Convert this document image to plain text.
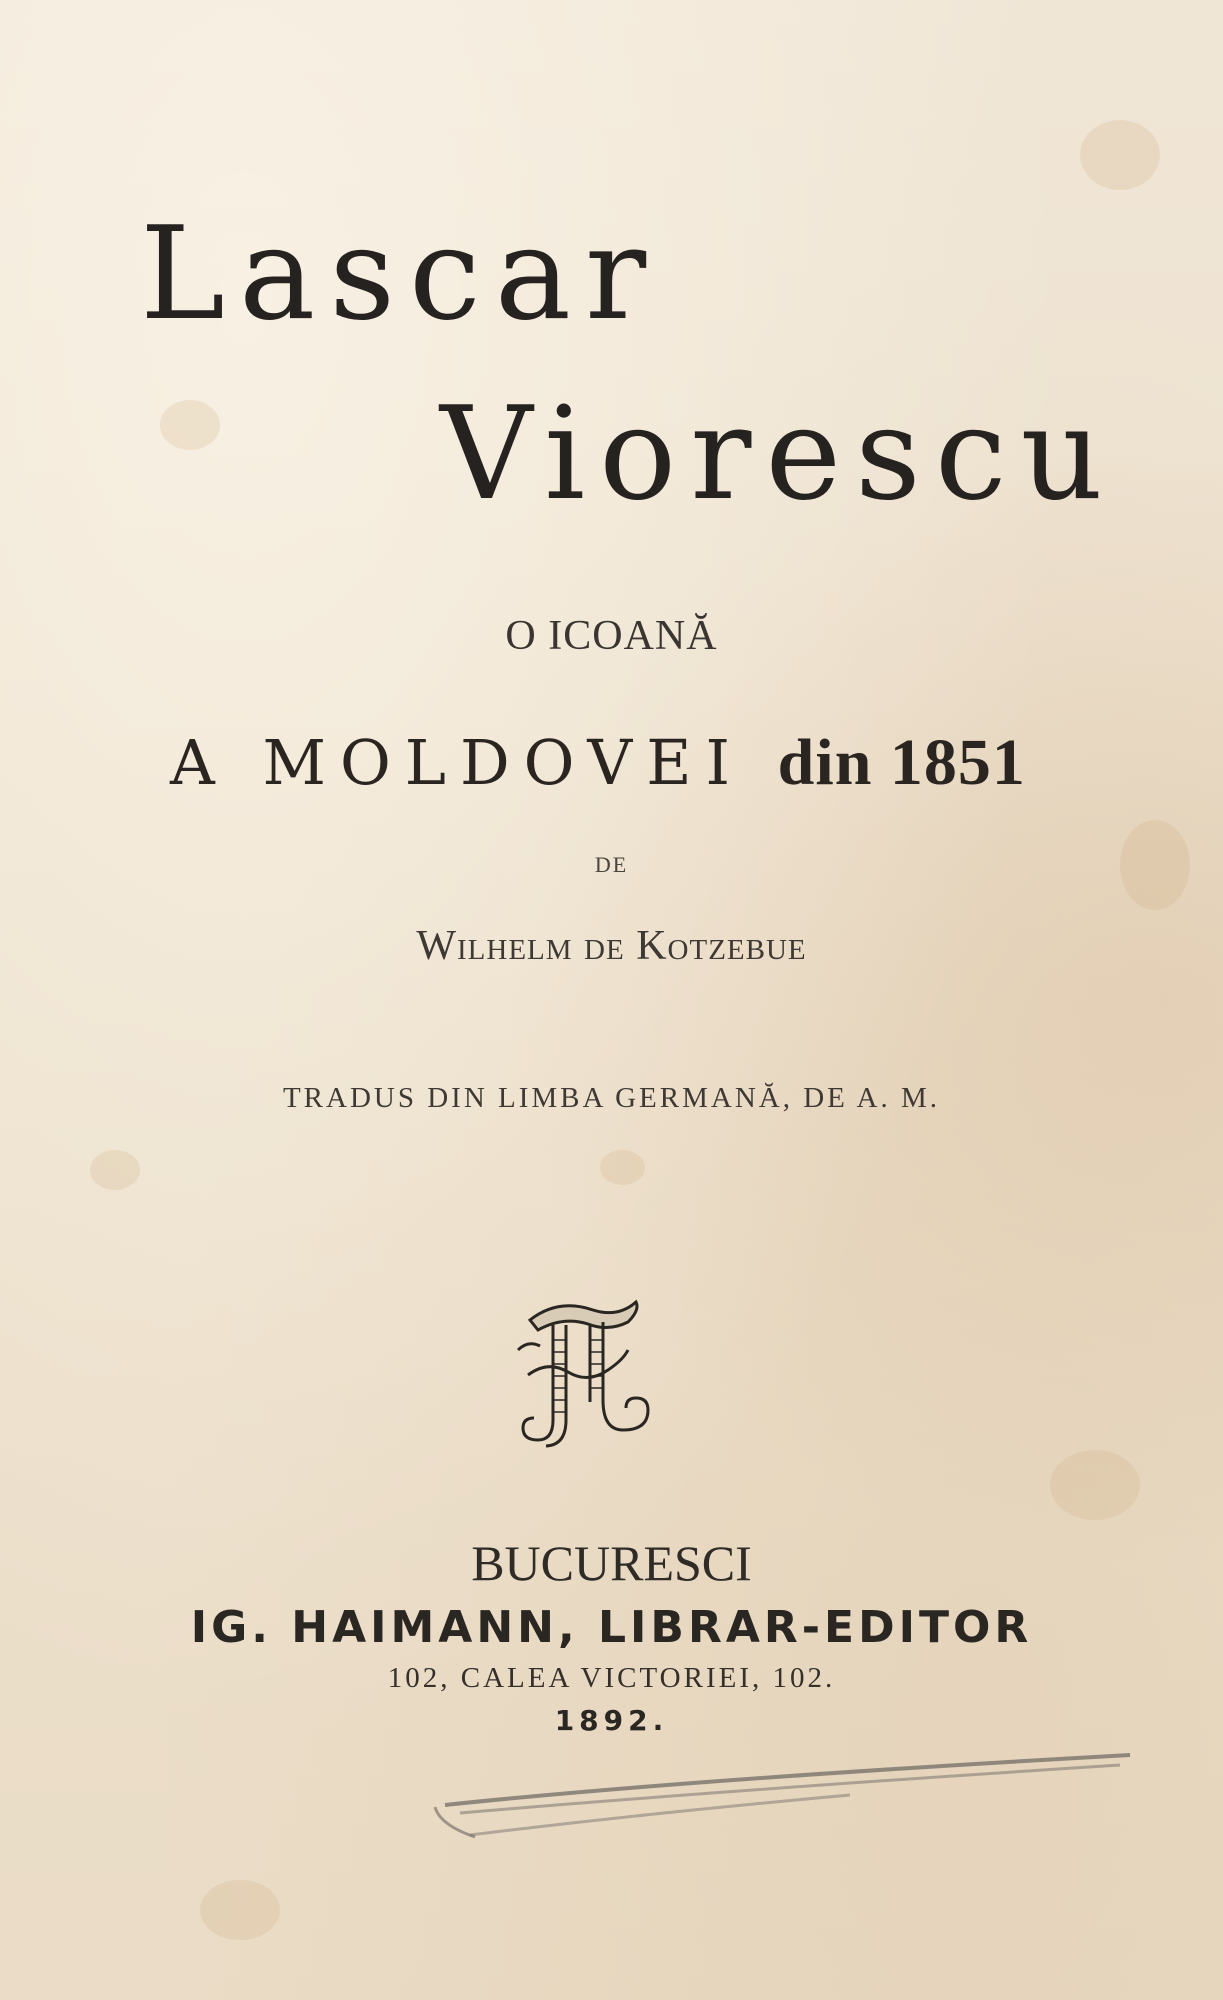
Lascar
Viorescu
O ICOANĂ
A MOLDOVEI din 1851
DE
Wilhelm de Kotzebue
TRADUS DIN LIMBA GERMANĂ, DE A. M.
BUCURESCI
IG. HAIMANN, LIBRAR-EDITOR
102, CALEA VICTORIEI, 102.
1892.
